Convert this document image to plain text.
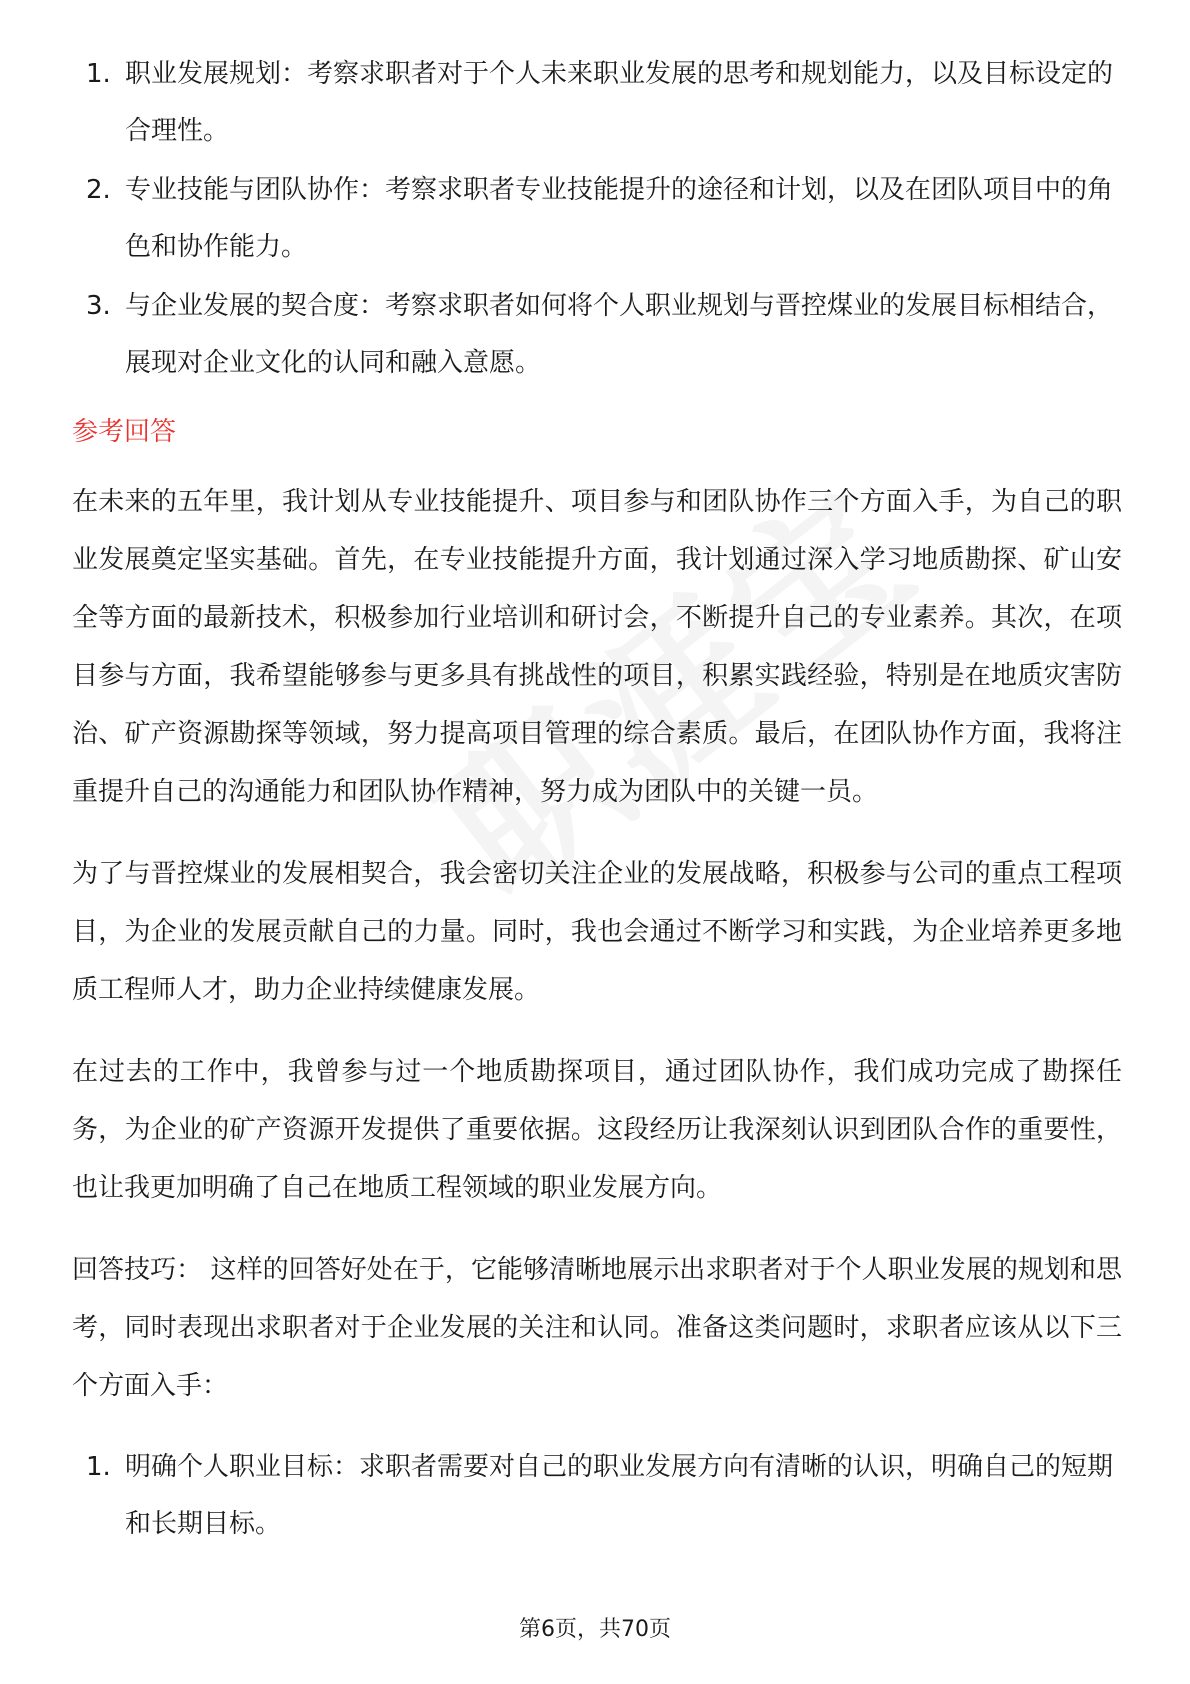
1. 职业发展规划：考察求职者对于个人未来职业发展的思考和规划能力，以及目标设定的合理性。
2. 专业技能与团队协作：考察求职者专业技能提升的途径和计划，以及在团队项目中的角色和协作能力。
3. 与企业发展的契合度：考察求职者如何将个人职业规划与晋控煤业的发展目标相结合，展现对企业文化的认同和融入意愿。
参考回答

在未来的五年里，我计划从专业技能提升、项目参与和团队协作三个方面入手，为自己的职业发展奠定坚实基础。首先，在专业技能提升方面，我计划通过深入学习地质勘探、矿山安全等方面的最新技术，积极参加行业培训和研讨会，不断提升自己的专业素养。其次，在项目参与方面，我希望能够参与更多具有挑战性的项目，积累实践经验，特别是在地质灾害防治、矿产资源勘探等领域，努力提高项目管理的综合素质。最后，在团队协作方面，我将注重提升自己的沟通能力和团队协作精神，努力成为团队中的关键一员。

为了与晋控煤业的发展相契合，我会密切关注企业的发展战略，积极参与公司的重点工程项目，为企业的发展贡献自己的力量。同时，我也会通过不断学习和实践，为企业培养更多地质工程师人才，助力企业持续健康发展。

在过去的工作中，我曾参与过一个地质勘探项目，通过团队协作，我们成功完成了勘探任务，为企业的矿产资源开发提供了重要依据。这段经历让我深刻认识到团队合作的重要性，也让我更加明确了自己在地质工程领域的职业发展方向。

回答技巧： 这样的回答好处在于，它能够清晰地展示出求职者对于个人职业发展的规划和思考，同时表现出求职者对于企业发展的关注和认同。准备这类问题时，求职者应该从以下三个方面入手：

1. 明确个人职业目标：求职者需要对自己的职业发展方向有清晰的认识，明确自己的短期和长期目标。
第6页，共70页
